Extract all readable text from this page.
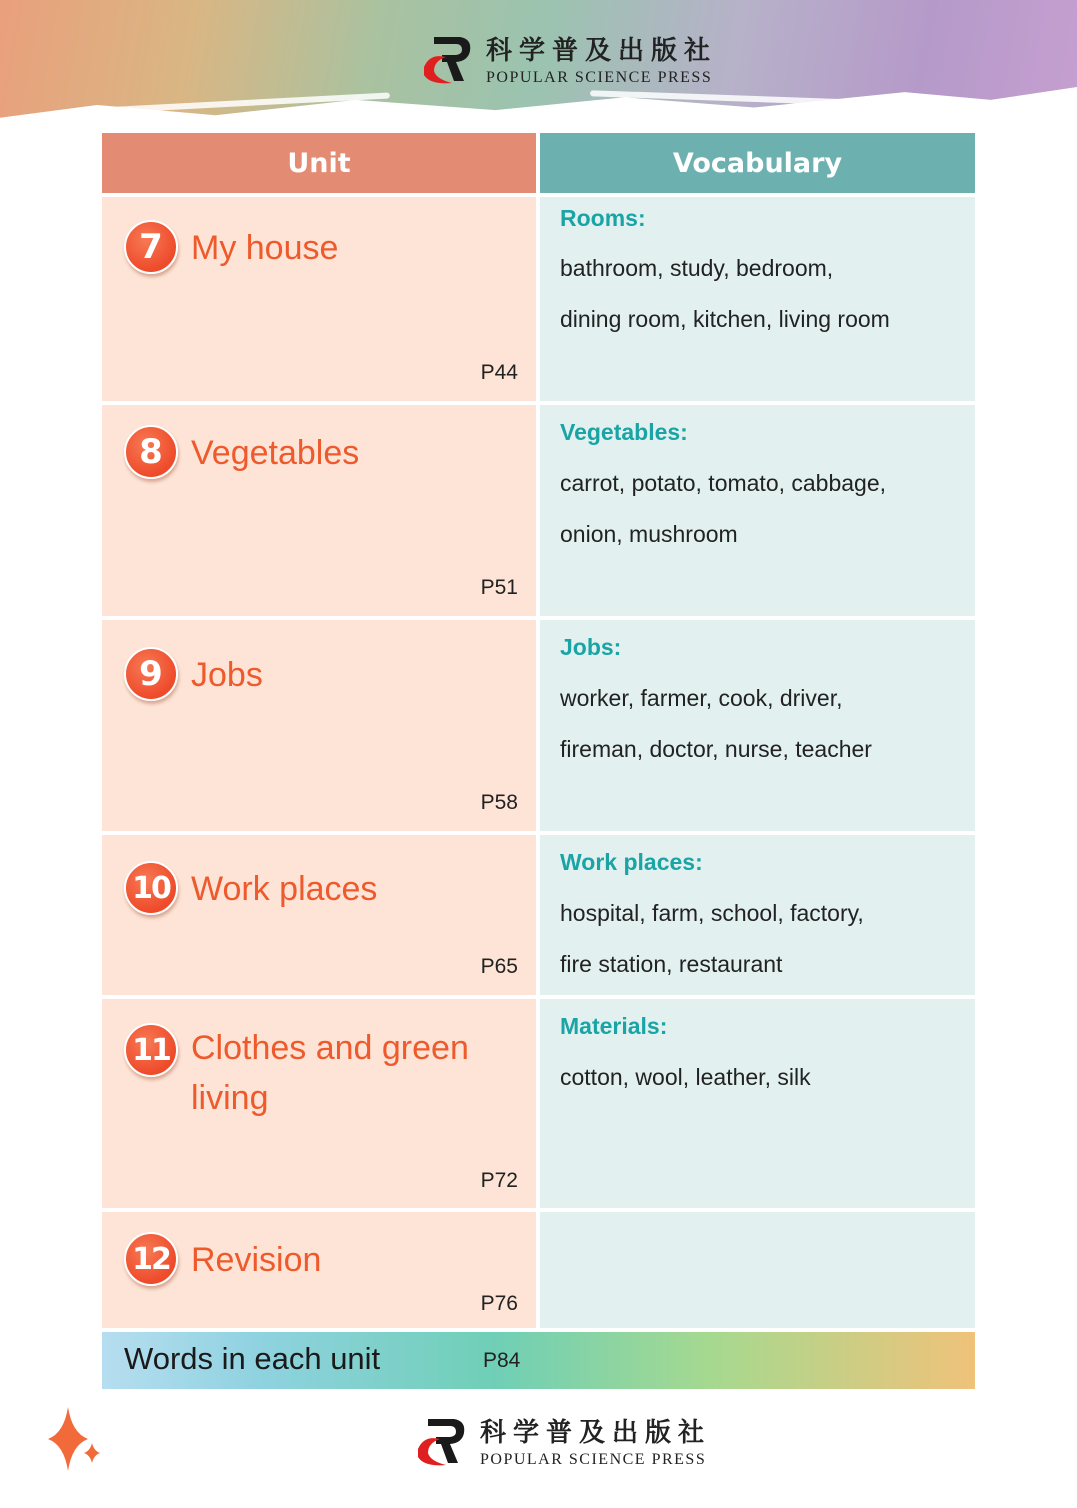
科学普及出版社
POPULAR SCIENCE PRESS
Unit	Vocabulary
7 My house
P44
Rooms:
bathroom, study, bedroom,
dining room, kitchen, living room
8 Vegetables
P51
Vegetables:
carrot, potato, tomato, cabbage,
onion, mushroom
9 Jobs
P58
Jobs:
worker, farmer, cook, driver,
fireman, doctor, nurse, teacher
10 Work places
P65
Work places:
hospital, farm, school, factory,
fire station, restaurant
11 Clothes and green living
P72
Materials:
cotton, wool, leather, silk
12 Revision
P76
Words in each unit	P84
科学普及出版社
POPULAR SCIENCE PRESS
